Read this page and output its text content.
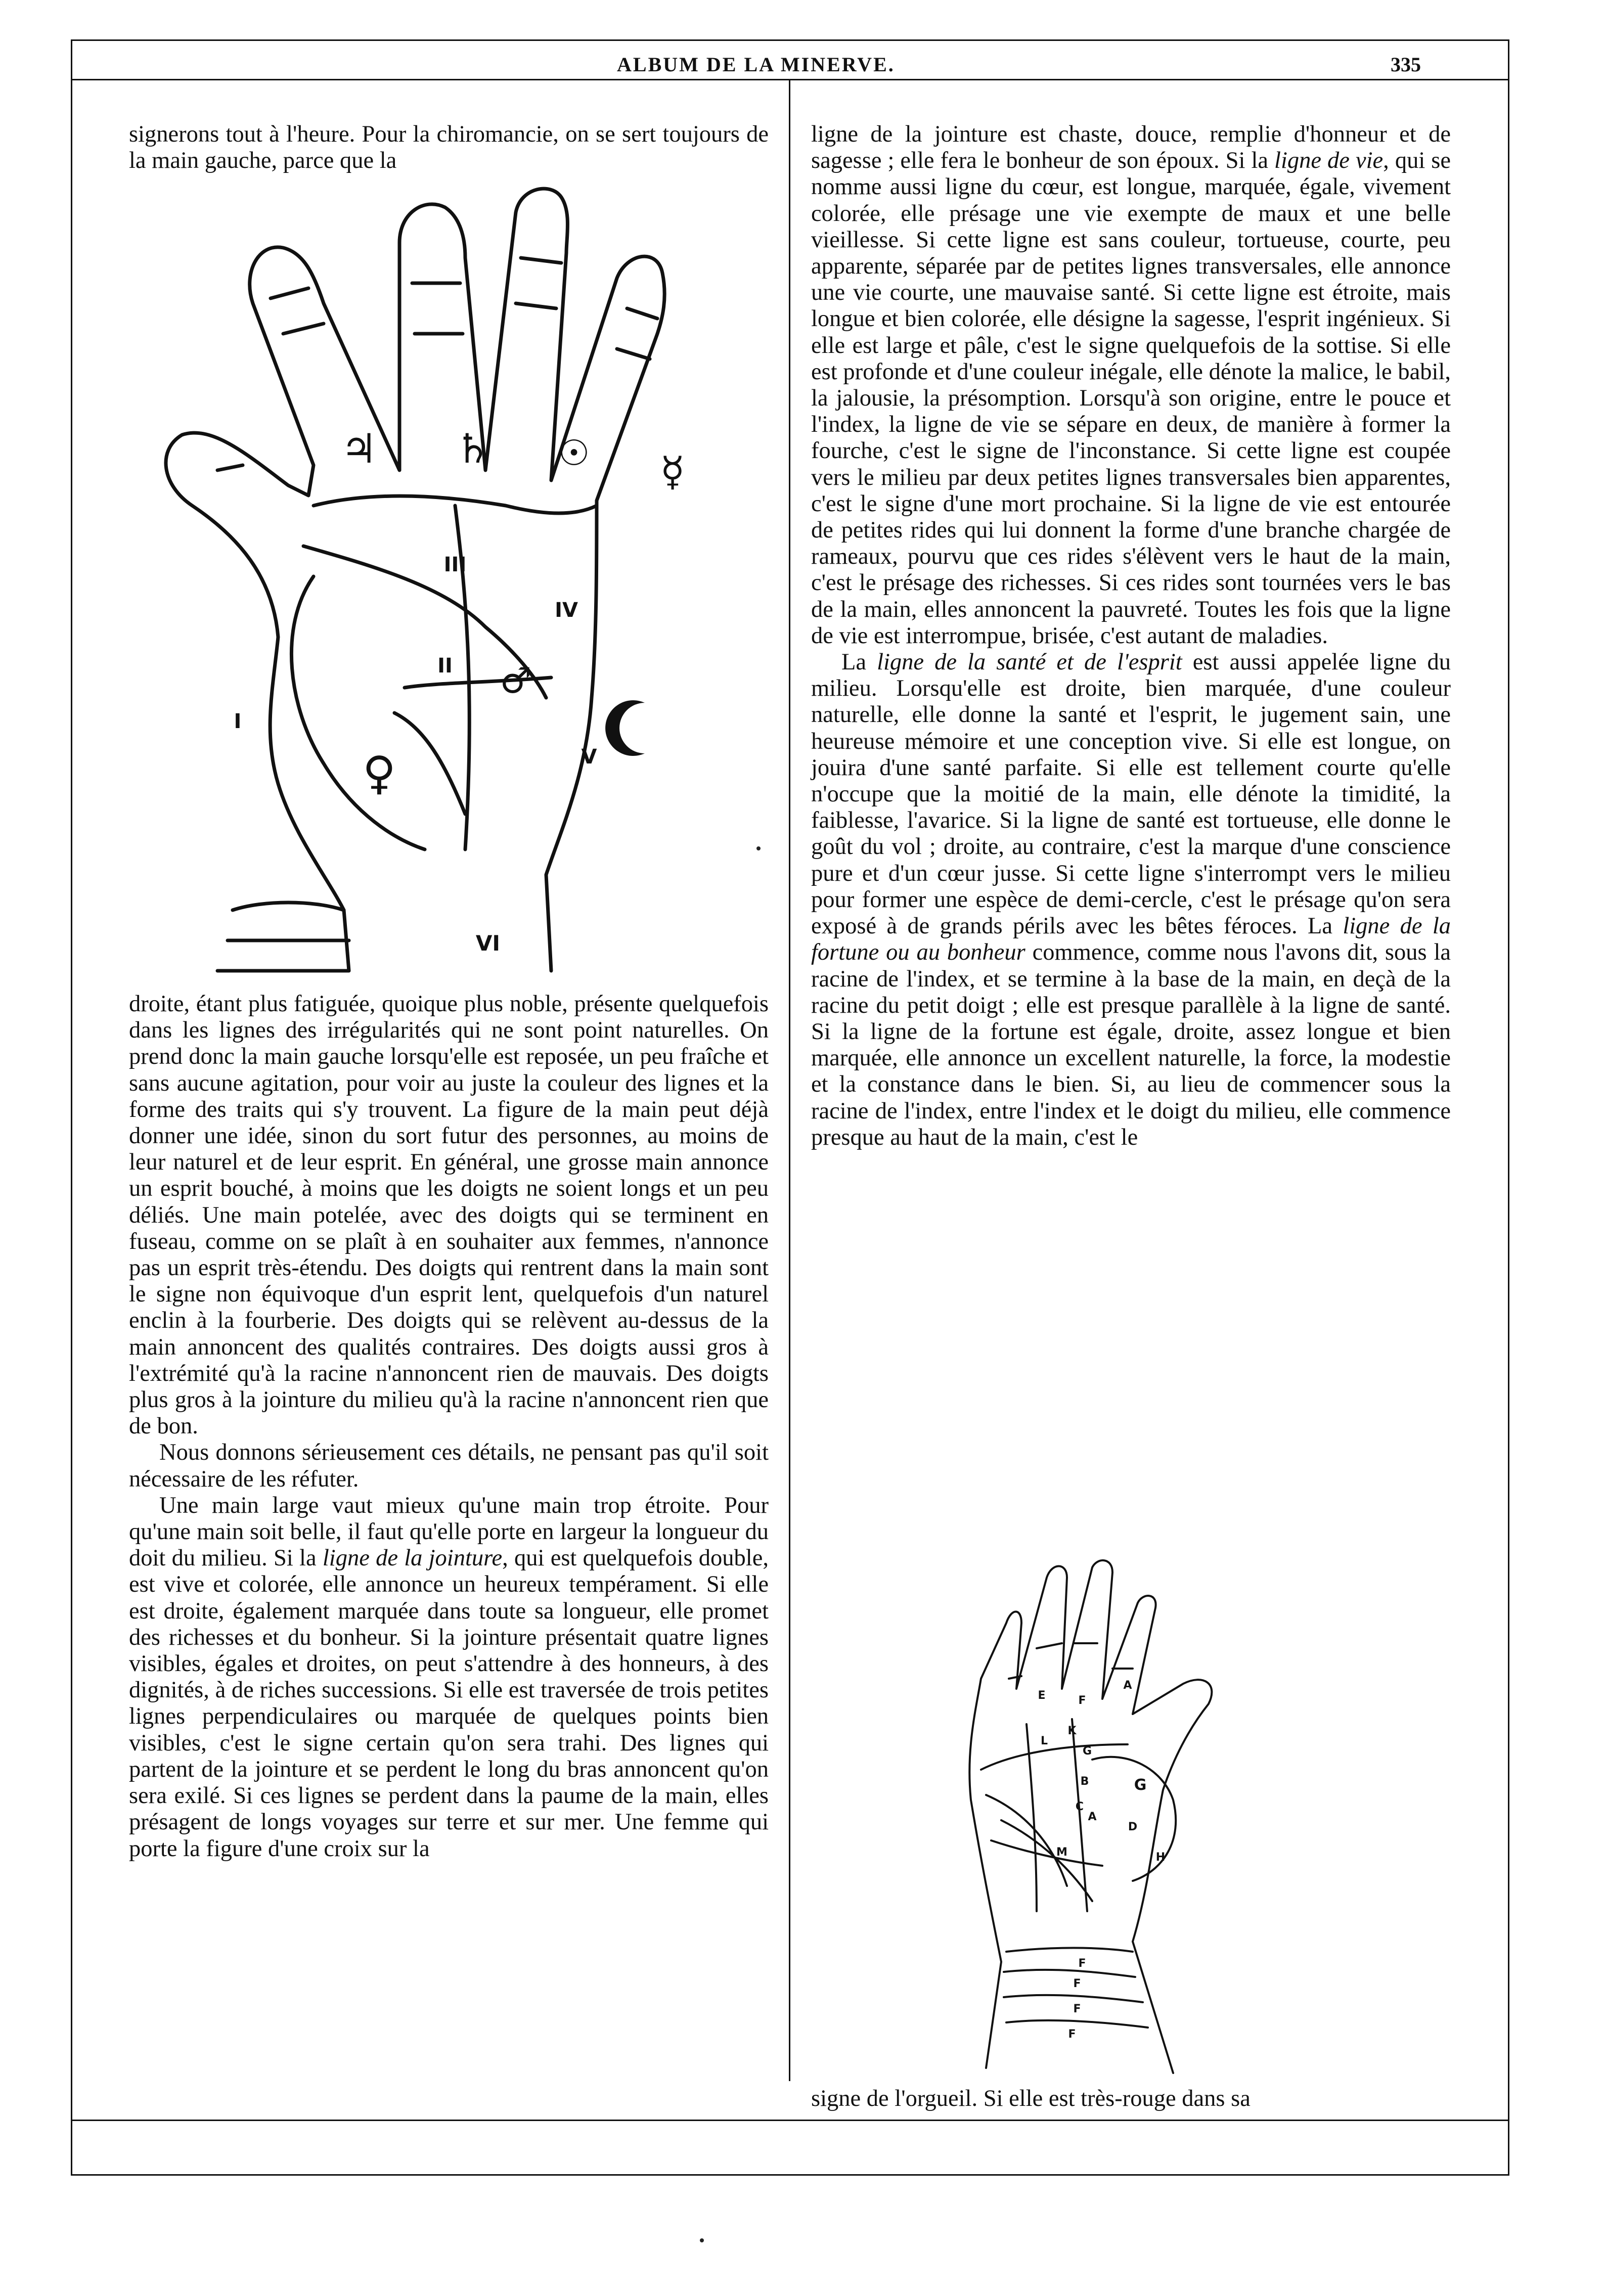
ALBUM DE LA MINERVE.	335

signerons tout à l'heure. Pour la chiromancie, on se sert toujours de la main gauche, parce que la

♃ ♄ ☉ ☿
♂
♀
I
II
III
IV
V
VI

droite, étant plus fatiguée, quoique plus noble, présente quelquefois dans les lignes des irrégularités qui ne sont point naturelles. On prend donc la main gauche lorsqu'elle est reposée, un peu fraîche et sans aucune agitation, pour voir au juste la couleur des lignes et la forme des traits qui s'y trouvent. La figure de la main peut déjà donner une idée, sinon du sort futur des personnes, au moins de leur naturel et de leur esprit. En général, une grosse main annonce un esprit bouché, à moins que les doigts ne soient longs et un peu déliés. Une main potelée, avec des doigts qui se terminent en fuseau, comme on se plaît à en souhaiter aux femmes, n'annonce pas un esprit très-étendu. Des doigts qui rentrent dans la main sont le signe non équivoque d'un esprit lent, quelquefois d'un naturel enclin à la fourberie. Des doigts qui se relèvent au-dessus de la main annoncent des qualités contraires. Des doigts aussi gros à l'extrémité qu'à la racine n'annoncent rien de mauvais. Des doigts plus gros à la jointure du milieu qu'à la racine n'annoncent rien que de bon.

Nous donnons sérieusement ces détails, ne pensant pas qu'il soit nécessaire de les réfuter.

Une main large vaut mieux qu'une main trop étroite. Pour qu'une main soit belle, il faut qu'elle porte en largeur la longueur du doit du milieu. Si la ligne de la jointure, qui est quelquefois double, est vive et colorée, elle annonce un heureux tempérament. Si elle est droite, également marquée dans toute sa longueur, elle promet des richesses et du bonheur. Si la jointure présentait quatre lignes visibles, égales et droites, on peut s'attendre à des honneurs, à des dignités, à de riches successions. Si elle est traversée de trois petites lignes perpendiculaires ou marquée de quelques points bien visibles, c'est le signe certain qu'on sera trahi. Des lignes qui partent de la jointure et se perdent le long du bras annoncent qu'on sera exilé. Si ces lignes se perdent dans la paume de la main, elles présagent de longs voyages sur terre et sur mer. Une femme qui porte la figure d'une croix sur la

ligne de la jointure est chaste, douce, remplie d'honneur et de sagesse ; elle fera le bonheur de son époux. Si la ligne de vie, qui se nomme aussi ligne du cœur, est longue, marquée, égale, vivement colorée, elle présage une vie exempte de maux et une belle vieillesse. Si cette ligne est sans couleur, tortueuse, courte, peu apparente, séparée par de petites lignes transversales, elle annonce une vie courte, une mauvaise santé. Si cette ligne est étroite, mais longue et bien colorée, elle désigne la sagesse, l'esprit ingénieux. Si elle est large et pâle, c'est le signe quelquefois de la sottise. Si elle est profonde et d'une couleur inégale, elle dénote la malice, le babil, la jalousie, la présomption. Lorsqu'à son origine, entre le pouce et l'index, la ligne de vie se sépare en deux, de manière à former la fourche, c'est le signe de l'inconstance. Si cette ligne est coupée vers le milieu par deux petites lignes transversales bien apparentes, c'est le signe d'une mort prochaine. Si la ligne de vie est entourée de petites rides qui lui donnent la forme d'une branche chargée de rameaux, pourvu que ces rides s'élèvent vers le haut de la main, c'est le présage des richesses. Si ces rides sont tournées vers le bas de la main, elles annoncent la pauvreté. Toutes les fois que la ligne de vie est interrompue, brisée, c'est autant de maladies.

La ligne de la santé et de l'esprit est aussi appelée ligne du milieu. Lorsqu'elle est droite, bien marquée, d'une couleur naturelle, elle donne la santé et l'esprit, le jugement sain, une heureuse mémoire et une conception vive. Si elle est longue, on jouira d'une santé parfaite. Si elle est tellement courte qu'elle n'occupe que la moitié de la main, elle dénote la timidité, la faiblesse, l'avarice. Si la ligne de santé est tortueuse, elle donne le goût du vol ; droite, au contraire, c'est la marque d'une conscience pure et d'un cœur jusse. Si cette ligne s'interrompt vers le milieu pour former une espèce de demi-cercle, c'est le présage qu'on sera exposé à de grands périls avec les bêtes féroces. La ligne de la fortune ou au bonheur commence, comme nous l'avons dit, sous la racine de l'index, et se termine à la base de la main, en deçà de la racine du petit doigt ; elle est presque parallèle à la ligne de santé. Si la ligne de la fortune est égale, droite, assez longue et bien marquée, elle annonce un excellent naturelle, la force, la modestie et la constance dans le bien. Si, au lieu de commencer sous la racine de l'index, entre l'index et le doigt du milieu, elle commence presque au haut de la main, c'est le

E	F
A
K
L
G
G
B
C
A
D
M	H
F
F
F
F

signe de l'orgueil. Si elle est très-rouge dans sa
